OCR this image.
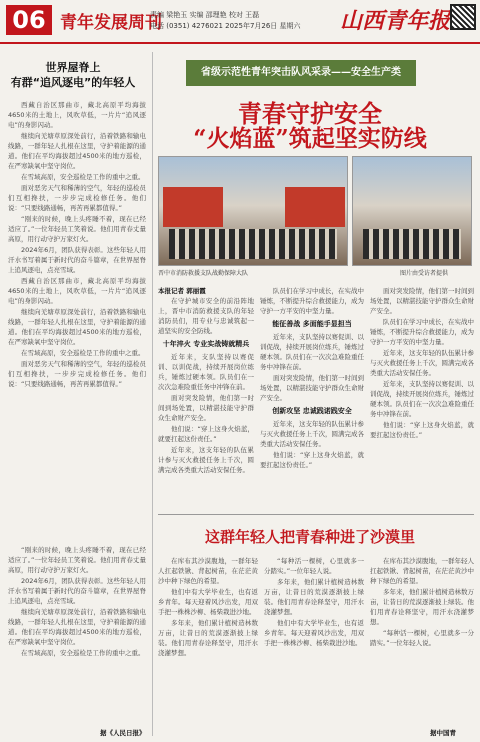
06 青年发展周刊
责编 梁艳玉 实编 邵理艳 校对 王磊
电话 (0351) 4276021 2025年7月26日 星期六 山西青年报
世界屋脊上
有群“追风逐电”的年轻人

西藏自治区那曲市，藏北高原平均海拔4650米的土地上，风吹草低，一片片“追风逐电”的身影闪动。

继续向羌塘草原深处前行，沿着铁路和输电线路，一群年轻人扎根在这里，守护着能源的通道。他们在平均海拔超过4500米的地方巡检，在严寒缺氧中坚守岗位。

在雪域高原，安全巡检是工作的重中之重。

面对恶劣天气和稀薄的空气，年轻的巡检员们互相搀扶，一步步完成检修任务。他们说：“只要线路通畅，再苦再累都值得。”

“刚来的时候，晚上头疼睡不着，现在已经适应了。”一位年轻员工笑着说。他们用青春丈量高原，用行动守护万家灯火。

2024年6月，团队获得表彰。这些年轻人用汗水书写着属于新时代的奋斗篇章，在世界屋脊上追风逐电，点亮雪域。

西藏自治区那曲市，藏北高原平均海拔4650米的土地上，风吹草低，一片片“追风逐电”的身影闪动。

继续向羌塘草原深处前行，沿着铁路和输电线路，一群年轻人扎根在这里，守护着能源的通道。他们在平均海拔超过4500米的地方巡检，在严寒缺氧中坚守岗位。

在雪域高原，安全巡检是工作的重中之重。

面对恶劣天气和稀薄的空气，年轻的巡检员们互相搀扶，一步步完成检修任务。他们说：“只要线路通畅，再苦再累都值得。”

“刚来的时候，晚上头疼睡不着，现在已经适应了。”一位年轻员工笑着说。他们用青春丈量高原，用行动守护万家灯火。

2024年6月，团队获得表彰。这些年轻人用汗水书写着属于新时代的奋斗篇章，在世界屋脊上追风逐电，点亮雪域。

继续向羌塘草原深处前行，沿着铁路和输电线路，一群年轻人扎根在这里，守护着能源的通道。他们在平均海拔超过4500米的地方巡检，在严寒缺氧中坚守岗位。

在雪域高原，安全巡检是工作的重中之重。

据《人民日报》
省级示范性青年突击队风采录——安全生产类
青春守护安全
“火焰蓝”筑起坚实防线
晋中市消防救援支队战勤保障大队	图片由受访者提供
本报记者 郭丽霞

在守护城市安全的前沿阵地上，晋中市消防救援支队的年轻消防员们，用专业与忠诚筑起一道坚实的安全防线。

十年淬火 专业实战铸就精兵

近年来，支队坚持以赛促训、以训促战，持续开展岗位练兵，锤炼过硬本领。队员们在一次次急难险重任务中冲锋在前。

面对突发险情，他们第一时间到场处置，以精湛技能守护群众生命财产安全。

他们说：“穿上这身火焰蓝，就要扛起这份责任。”

近年来，这支年轻的队伍累计参与灭火救援任务上千次，圆满完成各类重大活动安保任务。

队员们在学习中成长，在实战中锤炼，不断提升综合救援能力，成为守护一方平安的中坚力量。

能征善战 多面能手显担当

近年来，支队坚持以赛促训、以训促战，持续开展岗位练兵，锤炼过硬本领。队员们在一次次急难险重任务中冲锋在前。

面对突发险情，他们第一时间到场处置，以精湛技能守护群众生命财产安全。

创新攻坚 忠诚践诺践安全

近年来，这支年轻的队伍累计参与灭火救援任务上千次，圆满完成各类重大活动安保任务。

他们说：“穿上这身火焰蓝，就要扛起这份责任。”

面对突发险情，他们第一时间到场处置，以精湛技能守护群众生命财产安全。

队员们在学习中成长，在实战中锤炼，不断提升综合救援能力，成为守护一方平安的中坚力量。

近年来，这支年轻的队伍累计参与灭火救援任务上千次，圆满完成各类重大活动安保任务。

近年来，支队坚持以赛促训、以训促战，持续开展岗位练兵，锤炼过硬本领。队员们在一次次急难险重任务中冲锋在前。

他们说：“穿上这身火焰蓝，就要扛起这份责任。”

这群年轻人把青春种进了沙漠里

在库布其沙漠腹地，一群年轻人扛起铁锹、背起树苗，在茫茫黄沙中种下绿色的希望。

他们中有大学毕业生，也有返乡青年。每天迎着风沙出发，用双手把一株株沙柳、杨柴栽进沙地。

多年来，他们累计植树造林数万亩，让昔日的荒漠逐渐披上绿装。他们用青春诠释坚守，用汗水浇灌梦想。

“每种活一棵树，心里就多一分踏实。”一位年轻人说。

多年来，他们累计植树造林数万亩，让昔日的荒漠逐渐披上绿装。他们用青春诠释坚守，用汗水浇灌梦想。

他们中有大学毕业生，也有返乡青年。每天迎着风沙出发，用双手把一株株沙柳、杨柴栽进沙地。

在库布其沙漠腹地，一群年轻人扛起铁锹、背起树苗，在茫茫黄沙中种下绿色的希望。

多年来，他们累计植树造林数万亩，让昔日的荒漠逐渐披上绿装。他们用青春诠释坚守，用汗水浇灌梦想。

“每种活一棵树，心里就多一分踏实。”一位年轻人说。

据中国青
